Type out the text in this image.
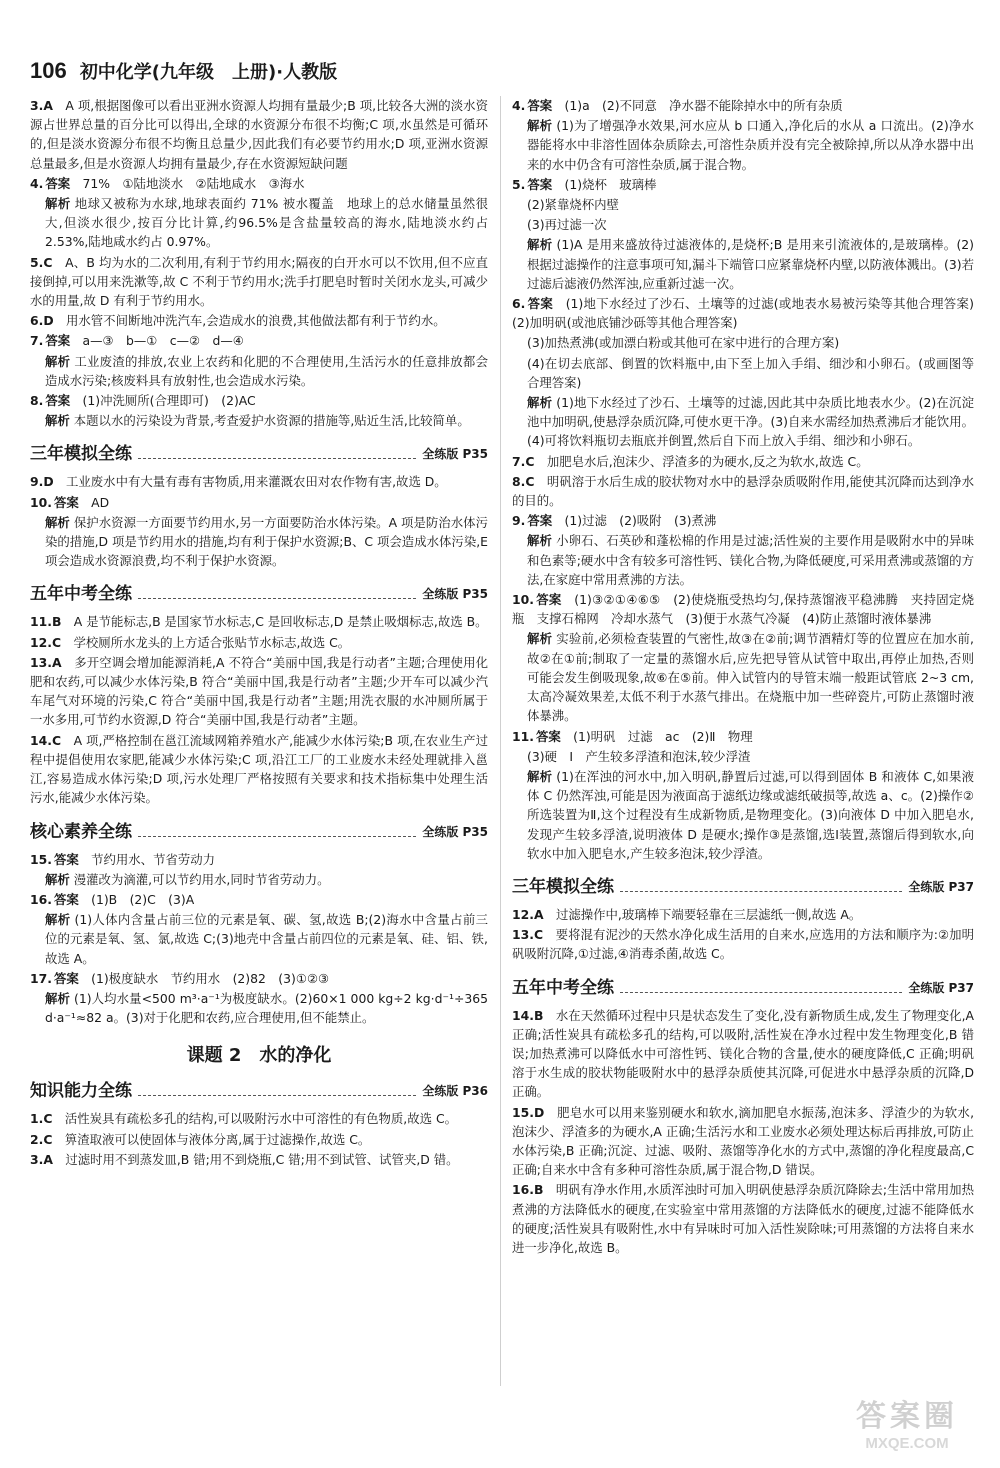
106 初中化学(九年级　上册)·人教版
3.A　 A 项,根据图像可以看出亚洲水资源人均拥有量最少;B 项,比较各大洲的淡水资源占世界总量的百分比可以得出,全球的水资源分布很不均衡;C 项,水虽然是可循环的,但是淡水资源分布很不均衡且总量少,因此我们有必要节约用水;D 项,亚洲水资源总量最多,但是水资源人均拥有量最少,存在水资源短缺问题
4. 答案　 71%　①陆地淡水　②陆地咸水　③海水
解析 地球又被称为水球,地球表面约 71% 被水覆盖　地球上的总水储量虽然很大,但淡水很少,按百分比计算,约96.5%是含盐量较高的海水,陆地淡水约占 2.53%,陆地咸水约占 0.97%。
5.C　 A、B 均为水的二次利用,有利于节约用水;隔夜的白开水可以不饮用,但不应直接倒掉,可以用来洗漱等,故 C 不利于节约用水;洗手打肥皂时暂时关闭水龙头,可减少水的用量,故 D 有利于节约用水。
6.D　 用水管不间断地冲洗汽车,会造成水的浪费,其他做法都有利于节约水。
7. 答案　 a—③　b—①　c—②　d—④
解析 工业废渣的排放,农业上农药和化肥的不合理使用,生活污水的任意排放都会造成水污染;核废料具有放射性,也会造成水污染。
8. 答案　 (1)冲洗厕所(合理即可)　(2)AC
解析 本题以水的污染设为背景,考查爱护水资源的措施等,贴近生活,比较简单。
三年模拟全练	全练版 P35
9.D　 工业废水中有大量有毒有害物质,用来灌溉农田对农作物有害,故选 D。
10. 答案　 AD
解析 保护水资源一方面要节约用水,另一方面要防治水体污染。A 项是防治水体污染的措施,D 项是节约用水的措施,均有利于保护水资源;B、C 项会造成水体污染,E 项会造成水资源浪费,均不利于保护水资源。
五年中考全练	全练版 P35
11.B　 A 是节能标志,B 是国家节水标志,C 是回收标志,D 是禁止吸烟标志,故选 B。
12.C　 学校厕所水龙头的上方适合张贴节水标志,故选 C。
13.A　 多开空调会增加能源消耗,A 不符合“美丽中国,我是行动者”主题;合理使用化肥和农药,可以减少水体污染,B 符合“美丽中国,我是行动者”主题;少开车可以减少汽车尾气对环境的污染,C 符合“美丽中国,我是行动者”主题;用洗衣服的水冲厕所属于一水多用,可节约水资源,D 符合“美丽中国,我是行动者”主题。
14.C　 A 项,严格控制在邕江流域网箱养殖水产,能减少水体污染;B 项,在农业生产过程中提倡使用农家肥,能减少水体污染;C 项,沿江工厂的工业废水未经处理就排入邕江,容易造成水体污染;D 项,污水处理厂严格按照有关要求和技术指标集中处理生活污水,能减少水体污染。
核心素养全练	全练版 P35
15. 答案　 节约用水、节省劳动力
解析 漫灌改为滴灌,可以节约用水,同时节省劳动力。
16. 答案　 (1)B　(2)C　(3)A
解析 (1)人体内含量占前三位的元素是氧、碳、氢,故选 B;(2)海水中含量占前三位的元素是氧、氢、氯,故选 C;(3)地壳中含量占前四位的元素是氧、硅、铝、铁,故选 A。
17. 答案　 (1)极度缺水　节约用水　(2)82　(3)①②③
解析 (1)人均水量<500 m³·a⁻¹为极度缺水。(2)60×1 000 kg÷2 kg·d⁻¹÷365 d·a⁻¹≈82 a。(3)对于化肥和农药,应合理使用,但不能禁止。
课题 2　水的净化
知识能力全练	全练版 P36
1.C　 活性炭具有疏松多孔的结构,可以吸附污水中可溶性的有色物质,故选 C。
2.C　 箅渣取液可以使固体与液体分离,属于过滤操作,故选 C。
3.A　 过滤时用不到蒸发皿,B 错;用不到烧瓶,C 错;用不到试管、试管夹,D 错。
4. 答案　 (1)a　(2)不同意　净水器不能除掉水中的所有杂质
解析 (1)为了增强净水效果,河水应从 b 口通入,净化后的水从 a 口流出。(2)净水器能将水中非溶性固体杂质除去,可溶性杂质并没有完全被除掉,所以从净水器中出来的水中仍含有可溶性杂质,属于混合物。
5. 答案　 (1)烧杯　玻璃棒
(2)紧靠烧杯内壁
(3)再过滤一次
解析 (1)A 是用来盛放待过滤液体的,是烧杯;B 是用来引流液体的,是玻璃棒。(2)根据过滤操作的注意事项可知,漏斗下端管口应紧靠烧杯内壁,以防液体溅出。(3)若过滤后滤液仍然浑浊,应重新过滤一次。
6. 答案　 (1)地下水经过了沙石、土壤等的过滤(或地表水易被污染等其他合理答案)　(2)加明矾(或池底铺沙砾等其他合理答案)
(3)加热煮沸(或加漂白粉或其他可在家中进行的合理方案)
(4)在切去底部、倒置的饮料瓶中,由下至上加入手绢、细沙和小卵石。(或画图等合理答案)
解析 (1)地下水经过了沙石、土壤等的过滤,因此其中杂质比地表水少。(2)在沉淀池中加明矾,使悬浮杂质沉降,可使水更干净。(3)自来水需经加热煮沸后才能饮用。(4)可将饮料瓶切去瓶底并倒置,然后自下而上放入手绢、细沙和小卵石。
7.C　 加肥皂水后,泡沫少、浮渣多的为硬水,反之为软水,故选 C。
8.C　 明矾溶于水后生成的胶状物对水中的悬浮杂质吸附作用,能使其沉降而达到净水的目的。
9. 答案　 (1)过滤　(2)吸附　(3)煮沸
解析 小卵石、石英砂和蓬松棉的作用是过滤;活性炭的主要作用是吸附水中的异味和色素等;硬水中含有较多可溶性钙、镁化合物,为降低硬度,可采用煮沸或蒸馏的方法,在家庭中常用煮沸的方法。
10. 答案　 (1)③②①④⑥⑤　(2)使烧瓶受热均匀,保持蒸馏液平稳沸腾　夹持固定烧瓶　支撑石棉网　冷却水蒸气　(3)便于水蒸气冷凝　(4)防止蒸馏时液体暴沸
解析 实验前,必须检查装置的气密性,故③在②前;调节酒精灯等的位置应在加水前,故②在①前;制取了一定量的蒸馏水后,应先把导管从试管中取出,再停止加热,否则可能会发生倒吸现象,故⑥在⑤前。伸入试管内的导管末端一般距试管底 2~3 cm,太高冷凝效果差,太低不利于水蒸气排出。在烧瓶中加一些碎瓷片,可防止蒸馏时液体暴沸。
11. 答案　 (1)明矾　过滤　ac　(2)Ⅱ　物理
(3)硬　Ⅰ　产生较多浮渣和泡沫,较少浮渣
解析 (1)在浑浊的河水中,加入明矾,静置后过滤,可以得到固体 B 和液体 C,如果液体 C 仍然浑浊,可能是因为液面高于滤纸边缘或滤纸破损等,故选 a、c。(2)操作②所选装置为Ⅱ,这个过程没有生成新物质,是物理变化。(3)向液体 D 中加入肥皂水,发现产生较多浮渣,说明液体 D 是硬水;操作③是蒸馏,选Ⅰ装置,蒸馏后得到软水,向软水中加入肥皂水,产生较多泡沫,较少浮渣。
三年模拟全练	全练版 P37
12.A　 过滤操作中,玻璃棒下端要轻靠在三层滤纸一侧,故选 A。
13.C　 要将混有泥沙的天然水净化成生活用的自来水,应选用的方法和顺序为:②加明矾吸附沉降,①过滤,④消毒杀菌,故选 C。
五年中考全练	全练版 P37
14.B　 水在天然循环过程中只是状态发生了变化,没有新物质生成,发生了物理变化,A 正确;活性炭具有疏松多孔的结构,可以吸附,活性炭在净水过程中发生物理变化,B 错误;加热煮沸可以降低水中可溶性钙、镁化合物的含量,使水的硬度降低,C 正确;明矾溶于水生成的胶状物能吸附水中的悬浮杂质使其沉降,可促进水中悬浮杂质的沉降,D 正确。
15.D　 肥皂水可以用来鉴别硬水和软水,滴加肥皂水振荡,泡沫多、浮渣少的为软水,泡沫少、浮渣多的为硬水,A 正确;生活污水和工业废水必须处理达标后再排放,可防止水体污染,B 正确;沉淀、过滤、吸附、蒸馏等净化水的方式中,蒸馏的净化程度最高,C 正确;自来水中含有多种可溶性杂质,属于混合物,D 错误。
16.B　 明矾有净水作用,水质浑浊时可加入明矾使悬浮杂质沉降除去;生活中常用加热煮沸的方法降低水的硬度,在实验室中常用蒸馏的方法降低水的硬度,过滤不能降低水的硬度;活性炭具有吸附性,水中有异味时可加入活性炭除味;可用蒸馏的方法将自来水进一步净化,故选 B。
答案圈
MXQE.COM
